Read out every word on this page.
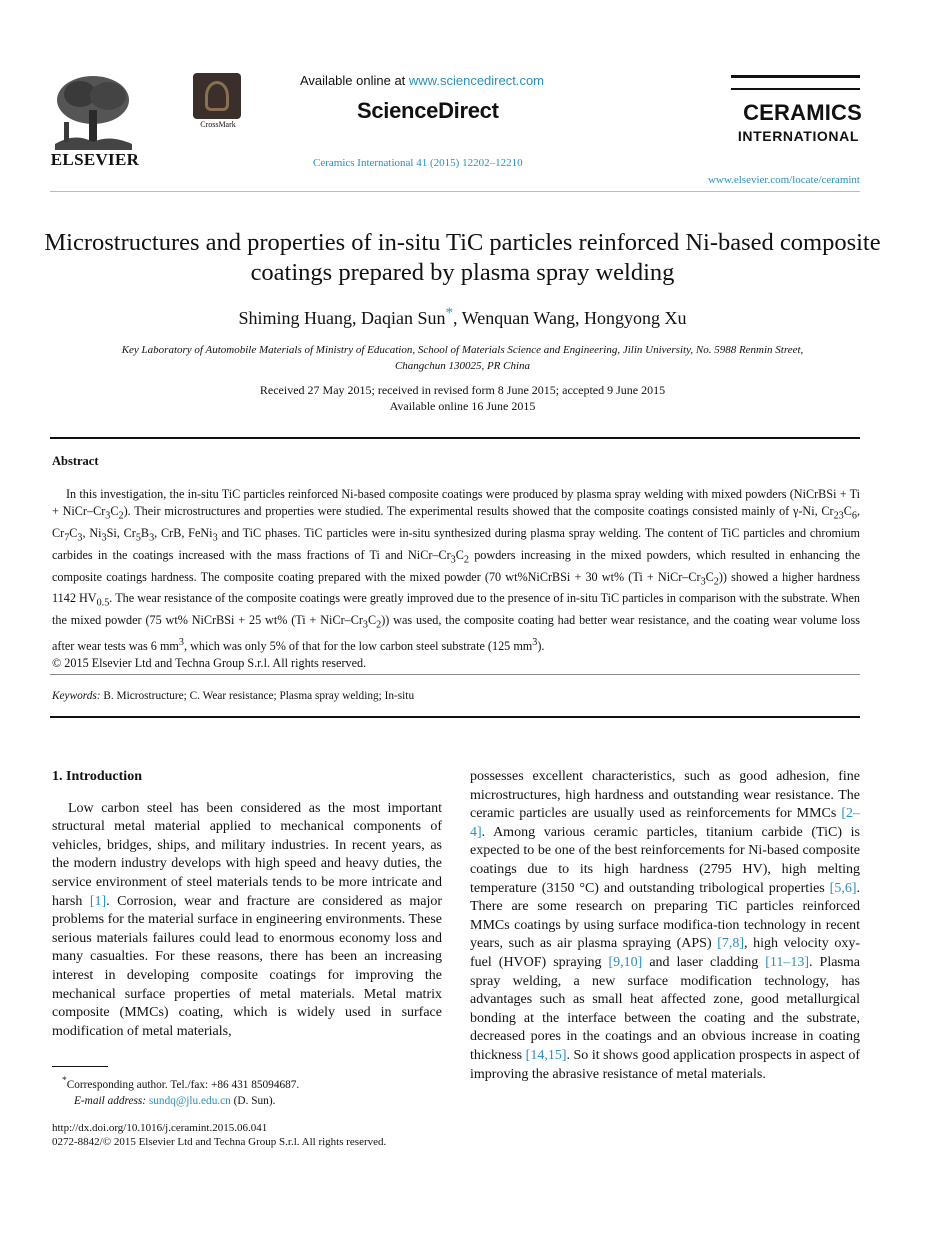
ELSEVIER
CrossMark
Available online at www.sciencedirect.com
ScienceDirect
Ceramics International 41 (2015) 12202–12210
CERAMICS
INTERNATIONAL
www.elsevier.com/locate/ceramint
Microstructures and properties of in-situ TiC particles reinforced Ni-based composite coatings prepared by plasma spray welding
Shiming Huang, Daqian Sun*, Wenquan Wang, Hongyong Xu
Key Laboratory of Automobile Materials of Ministry of Education, School of Materials Science and Engineering, Jilin University, No. 5988 Renmin Street,
Changchun 130025, PR China
Received 27 May 2015; received in revised form 8 June 2015; accepted 9 June 2015
Available online 16 June 2015
Abstract

In this investigation, the in-situ TiC particles reinforced Ni-based composite coatings were produced by plasma spray welding with mixed powders (NiCrBSi + Ti + NiCr–$Cr_3C_2$). Their microstructures and properties were studied. The experimental results showed that the composite coatings consisted mainly of γ-Ni, $Cr_{23}C_6$, $Cr_7C_3$, $Ni_3Si$, $Cr_5B_3$, CrB, FeNi$_3$ and TiC phases. TiC particles were in-situ synthesized during plasma spray welding. The content of TiC particles and chromium carbides in the coatings increased with the mass fractions of Ti and NiCr–$Cr_3C_2$ powders increasing in the mixed powders, which resulted in enhancing the composite coatings hardness. The composite coating prepared with the mixed powder (70 wt%NiCrBSi + 30 wt% (Ti + NiCr–$Cr_3C_2$)) showed a higher hardness 1142 $HV_{0.5}$. The wear resistance of the composite coatings were greatly improved due to the presence of in-situ TiC particles in comparison with the substrate. When the mixed powder (75 wt% NiCrBSi + 25 wt% (Ti + NiCr–$Cr_3C_2$)) was used, the composite coating had better wear resistance, and the coating wear volume loss after wear tests was 6 $mm^3$, which was only 5% of that for the low carbon steel substrate (125 $mm^3$).

© 2015 Elsevier Ltd and Techna Group S.r.l. All rights reserved.

Keywords: B. Microstructure; C. Wear resistance; Plasma spray welding; In-situ

1. Introduction

Low carbon steel has been considered as the most important structural metal material applied to mechanical components of vehicles, bridges, ships, and military industries. In recent years, as the modern industry develops with high speed and heavy duties, the service environment of steel materials tends to be more intricate and harsh [1]. Corrosion, wear and fracture are considered as major problems for the material surface in engineering environments. These serious materials failures could lead to enormous economy loss and many casualties. For these reasons, there has been an increasing interest in developing composite coatings for improving the mechanical surface properties of metal materials. Metal matrix composite (MMCs) coating, which is widely used in surface modification of metal materials,

*Corresponding author. Tel./fax: +86 431 85094687.
E-mail address: sundq@jlu.edu.cn (D. Sun).
http://dx.doi.org/10.1016/j.ceramint.2015.06.041
0272-8842/© 2015 Elsevier Ltd and Techna Group S.r.l. All rights reserved.

possesses excellent characteristics, such as good adhesion, fine microstructures, high hardness and outstanding wear resistance. The ceramic particles are usually used as reinforcements for MMCs [2–4]. Among various ceramic particles, titanium carbide (TiC) is expected to be one of the best reinforcements for Ni-based composite coatings due to its high hardness (2795 HV), high melting temperature (3150 °C) and outstanding tribological properties [5,6]. There are some research on preparing TiC particles reinforced MMCs coatings by using surface modifica-tion technology in recent years, such as air plasma spraying (APS) [7,8], high velocity oxy-fuel (HVOF) spraying [9,10] and laser cladding [11–13]. Plasma spray welding, a new surface modification technology, has advantages such as small heat affected zone, good metallurgical bonding at the interface between the coating and the substrate, decreased pores in the coatings and an obvious increase in coating thickness [14,15]. So it shows good application prospects in aspect of improving the abrasive resistance of metal materials.
